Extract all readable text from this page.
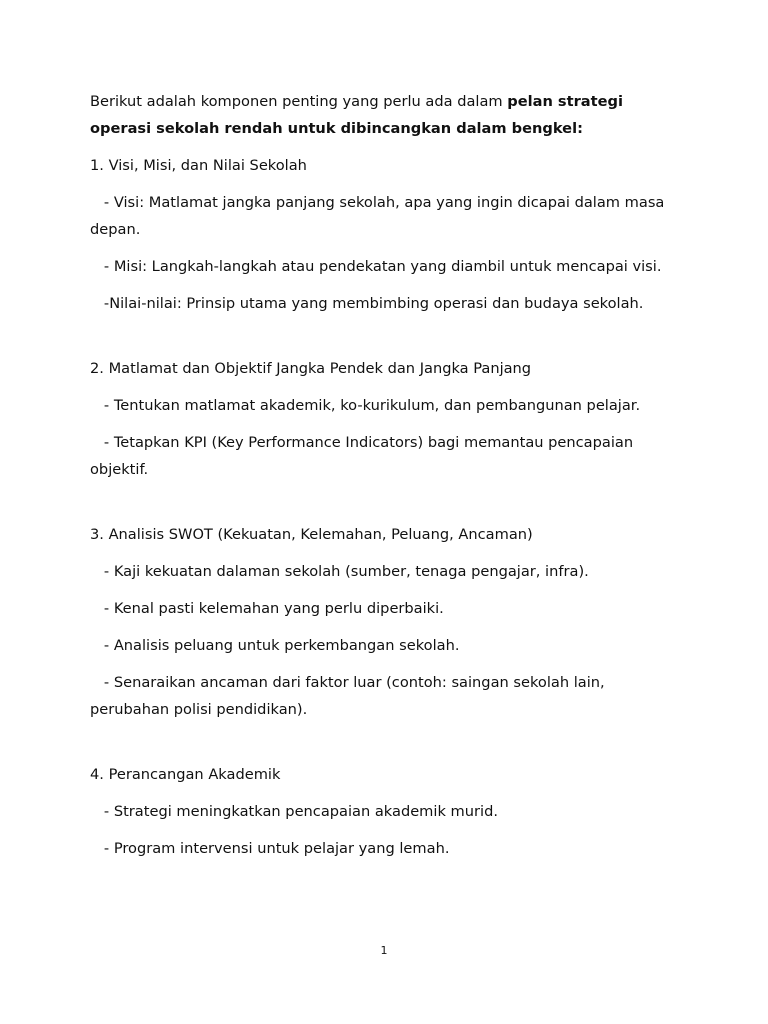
Berikut adalah komponen penting yang perlu ada dalam pelan strategi operasi sekolah rendah untuk dibincangkan dalam bengkel:

1. Visi, Misi, dan Nilai Sekolah

- Visi: Matlamat jangka panjang sekolah, apa yang ingin dicapai dalam masa depan.

- Misi: Langkah-langkah atau pendekatan yang diambil untuk mencapai visi.

-Nilai-nilai: Prinsip utama yang membimbing operasi dan budaya sekolah.

2. Matlamat dan Objektif Jangka Pendek dan Jangka Panjang

- Tentukan matlamat akademik, ko-kurikulum, dan pembangunan pelajar.

- Tetapkan KPI (Key Performance Indicators) bagi memantau pencapaian objektif.

3. Analisis SWOT (Kekuatan, Kelemahan, Peluang, Ancaman)

- Kaji kekuatan dalaman sekolah (sumber, tenaga pengajar, infra).

- Kenal pasti kelemahan yang perlu diperbaiki.

- Analisis peluang untuk perkembangan sekolah.

- Senaraikan ancaman dari faktor luar (contoh: saingan sekolah lain, perubahan polisi pendidikan).

4. Perancangan Akademik

- Strategi meningkatkan pencapaian akademik murid.

- Program intervensi untuk pelajar yang lemah.

1
